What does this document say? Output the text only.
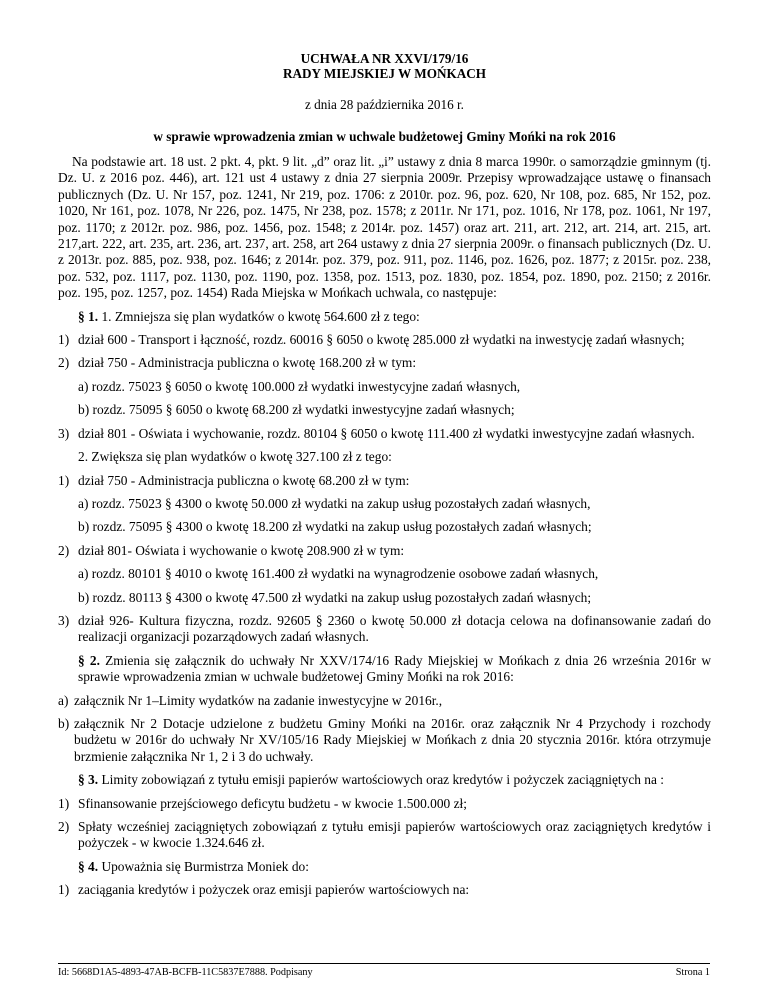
UCHWAŁA NR XXVI/179/16
RADY MIEJSKIEJ W MOŃKACH
z dnia 28 października 2016 r.
w sprawie wprowadzenia zmian w uchwale budżetowej Gminy Mońki na rok 2016

Na podstawie art. 18 ust. 2 pkt. 4, pkt. 9 lit. „d” oraz lit. „i” ustawy z dnia 8 marca 1990r. o samorządzie gminnym (tj. Dz. U. z 2016 poz. 446), art. 121 ust 4 ustawy z dnia 27 sierpnia 2009r. Przepisy wprowadzające ustawę o finansach publicznych (Dz. U. Nr 157, poz. 1241, Nr 219, poz. 1706: z 2010r. poz. 96, poz. 620, Nr 108, poz. 685, Nr 152, poz. 1020, Nr 161, poz. 1078, Nr 226, poz. 1475, Nr 238, poz. 1578; z 2011r. Nr 171, poz. 1016, Nr 178, poz. 1061, Nr 197, poz. 1170; z 2012r. poz. 986, poz. 1456, poz. 1548; z 2014r. poz. 1457) oraz art. 211, art. 212, art. 214, art. 215, art. 217,art. 222, art. 235, art. 236, art. 237, art. 258, art 264 ustawy z dnia 27 sierpnia 2009r. o finansach publicznych (Dz. U. z 2013r. poz. 885, poz. 938, poz. 1646; z 2014r. poz. 379, poz. 911, poz. 1146, poz. 1626, poz. 1877; z 2015r. poz. 238, poz. 532, poz. 1117, poz. 1130, poz. 1190, poz. 1358, poz. 1513, poz. 1830, poz. 1854, poz. 1890, poz. 2150; z 2016r. poz. 195, poz. 1257, poz. 1454) Rada Miejska w Mońkach uchwala, co następuje:

§ 1. 1. Zmniejsza się plan wydatków o kwotę 564.600 zł z tego:

1) dział 600 - Transport i łączność, rozdz. 60016 § 6050 o kwotę 285.000 zł wydatki na inwestycję zadań własnych;
2) dział 750 - Administracja publiczna o kwotę 168.200 zł w tym:

a) rozdz. 75023 § 6050 o kwotę 100.000 zł wydatki inwestycyjne zadań własnych,

b) rozdz. 75095 § 6050 o kwotę 68.200 zł wydatki inwestycyjne zadań własnych;

3) dział 801 - Oświata i wychowanie, rozdz. 80104 § 6050 o kwotę 111.400 zł wydatki inwestycyjne zadań własnych.

2. Zwiększa się plan wydatków o kwotę 327.100 zł z tego:

1) dział 750 - Administracja publiczna o kwotę 68.200 zł w tym:

a) rozdz. 75023 § 4300 o kwotę 50.000 zł wydatki na zakup usług pozostałych zadań własnych,

b) rozdz. 75095 § 4300 o kwotę 18.200 zł wydatki na zakup usług pozostałych zadań własnych;

2) dział 801- Oświata i wychowanie o kwotę 208.900 zł w tym:

a) rozdz. 80101 § 4010 o kwotę 161.400 zł wydatki na wynagrodzenie osobowe zadań własnych,

b) rozdz. 80113 § 4300 o kwotę 47.500 zł wydatki na zakup usług pozostałych zadań własnych;

3) dział 926- Kultura fizyczna, rozdz. 92605 § 2360 o kwotę 50.000 zł dotacja celowa na dofinansowanie zadań do realizacji organizacji pozarządowych zadań własnych.

§ 2. Zmienia się załącznik do uchwały Nr XXV/174/16 Rady Miejskiej w Mońkach z dnia 26 września 2016r w sprawie wprowadzenia zmian w uchwale budżetowej Gminy Mońki na rok 2016:

a) załącznik Nr 1–Limity wydatków na zadanie inwestycyjne w 2016r.,
b) załącznik Nr 2 Dotacje udzielone z budżetu Gminy Mońki na 2016r. oraz załącznik Nr 4 Przychody i rozchody budżetu w 2016r do uchwały Nr XV/105/16 Rady Miejskiej w Mońkach z dnia 20 stycznia 2016r. która otrzymuje brzmienie załącznika Nr 1, 2 i 3 do uchwały.

§ 3. Limity zobowiązań z tytułu emisji papierów wartościowych oraz kredytów i pożyczek zaciągniętych na :

1) Sfinansowanie przejściowego deficytu budżetu - w kwocie 1.500.000 zł;
2) Spłaty wcześniej zaciągniętych zobowiązań z tytułu emisji papierów wartościowych oraz zaciągniętych kredytów i pożyczek - w kwocie 1.324.646 zł.

§ 4. Upoważnia się Burmistrza Moniek do:

1) zaciągania kredytów i pożyczek oraz emisji papierów wartościowych na:
Id: 5668D1A5-4893-47AB-BCFB-11C5837E7888. Podpisany	Strona 1
